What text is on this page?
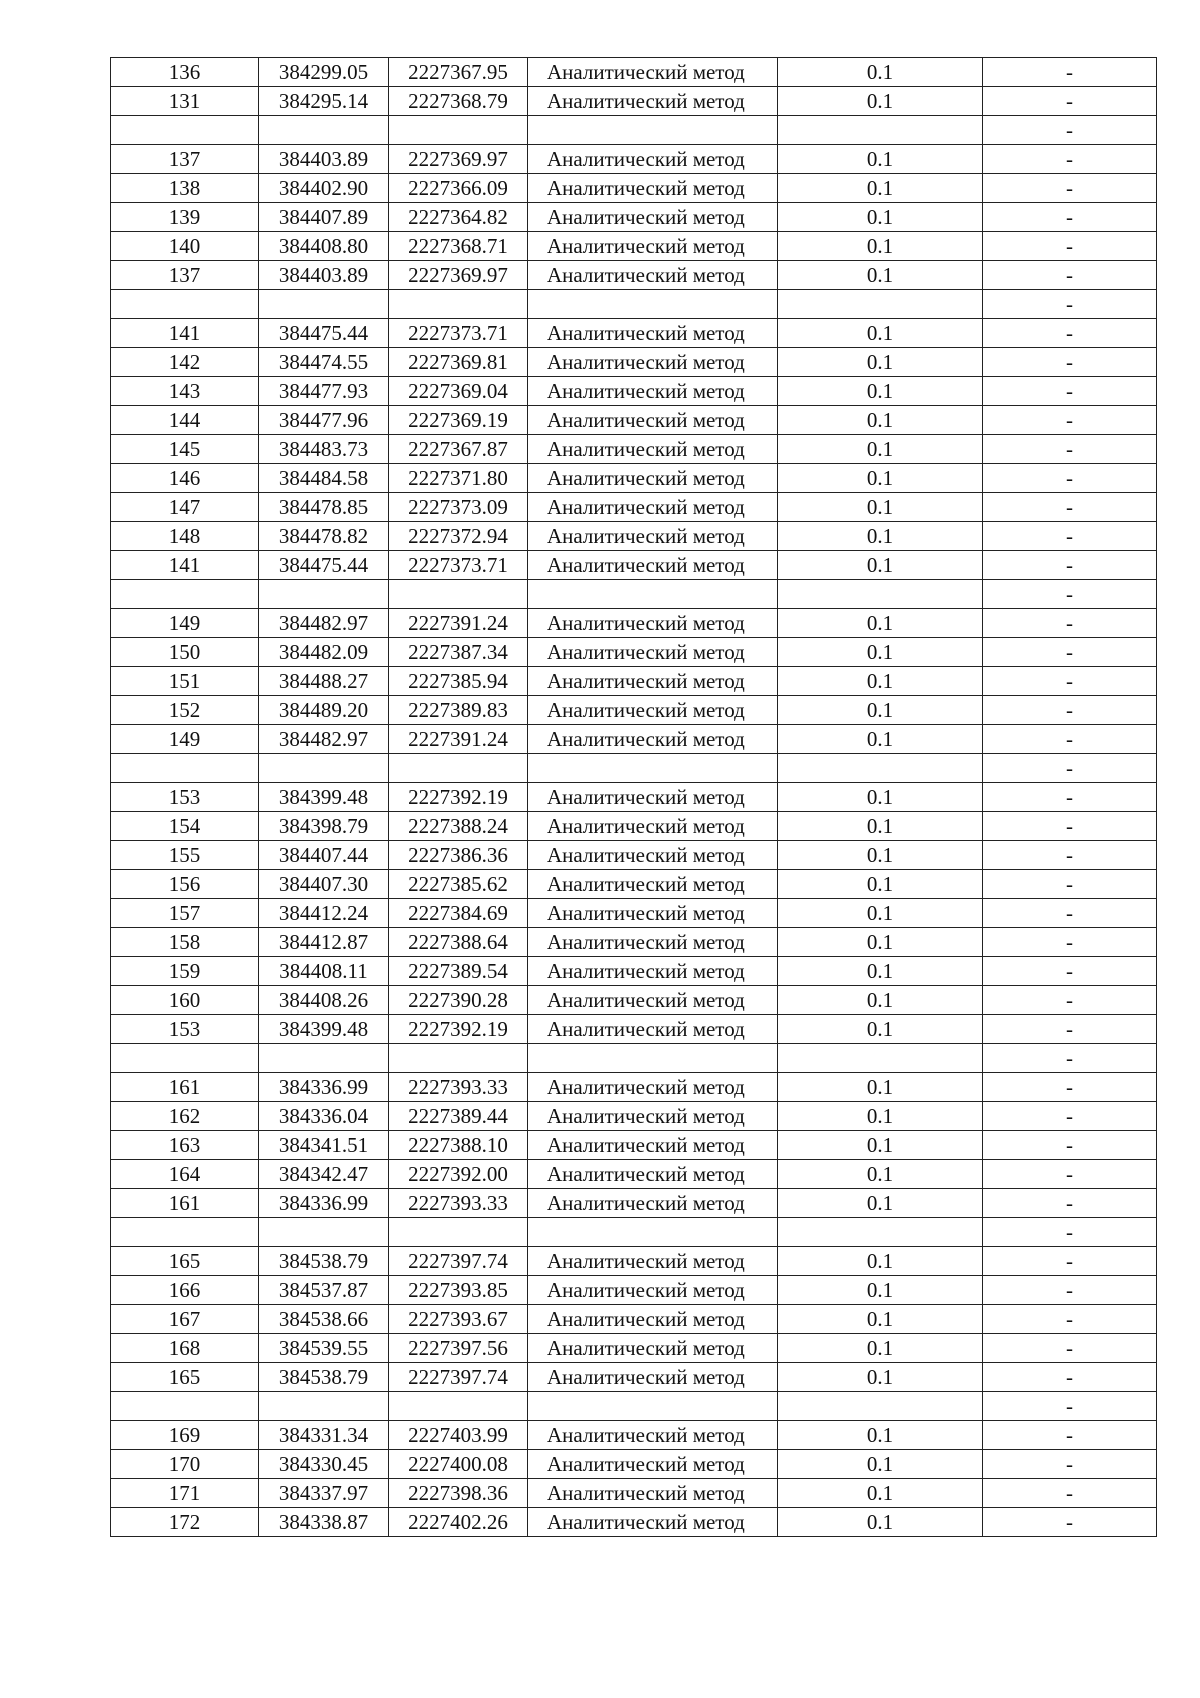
136	384299.05	2227367.95	Аналитический метод	0.1	-
131	384295.14	2227368.79	Аналитический метод	0.1	-
					-
137	384403.89	2227369.97	Аналитический метод	0.1	-
138	384402.90	2227366.09	Аналитический метод	0.1	-
139	384407.89	2227364.82	Аналитический метод	0.1	-
140	384408.80	2227368.71	Аналитический метод	0.1	-
137	384403.89	2227369.97	Аналитический метод	0.1	-
					-
141	384475.44	2227373.71	Аналитический метод	0.1	-
142	384474.55	2227369.81	Аналитический метод	0.1	-
143	384477.93	2227369.04	Аналитический метод	0.1	-
144	384477.96	2227369.19	Аналитический метод	0.1	-
145	384483.73	2227367.87	Аналитический метод	0.1	-
146	384484.58	2227371.80	Аналитический метод	0.1	-
147	384478.85	2227373.09	Аналитический метод	0.1	-
148	384478.82	2227372.94	Аналитический метод	0.1	-
141	384475.44	2227373.71	Аналитический метод	0.1	-
					-
149	384482.97	2227391.24	Аналитический метод	0.1	-
150	384482.09	2227387.34	Аналитический метод	0.1	-
151	384488.27	2227385.94	Аналитический метод	0.1	-
152	384489.20	2227389.83	Аналитический метод	0.1	-
149	384482.97	2227391.24	Аналитический метод	0.1	-
					-
153	384399.48	2227392.19	Аналитический метод	0.1	-
154	384398.79	2227388.24	Аналитический метод	0.1	-
155	384407.44	2227386.36	Аналитический метод	0.1	-
156	384407.30	2227385.62	Аналитический метод	0.1	-
157	384412.24	2227384.69	Аналитический метод	0.1	-
158	384412.87	2227388.64	Аналитический метод	0.1	-
159	384408.11	2227389.54	Аналитический метод	0.1	-
160	384408.26	2227390.28	Аналитический метод	0.1	-
153	384399.48	2227392.19	Аналитический метод	0.1	-
					-
161	384336.99	2227393.33	Аналитический метод	0.1	-
162	384336.04	2227389.44	Аналитический метод	0.1	-
163	384341.51	2227388.10	Аналитический метод	0.1	-
164	384342.47	2227392.00	Аналитический метод	0.1	-
161	384336.99	2227393.33	Аналитический метод	0.1	-
					-
165	384538.79	2227397.74	Аналитический метод	0.1	-
166	384537.87	2227393.85	Аналитический метод	0.1	-
167	384538.66	2227393.67	Аналитический метод	0.1	-
168	384539.55	2227397.56	Аналитический метод	0.1	-
165	384538.79	2227397.74	Аналитический метод	0.1	-
					-
169	384331.34	2227403.99	Аналитический метод	0.1	-
170	384330.45	2227400.08	Аналитический метод	0.1	-
171	384337.97	2227398.36	Аналитический метод	0.1	-
172	384338.87	2227402.26	Аналитический метод	0.1	-
